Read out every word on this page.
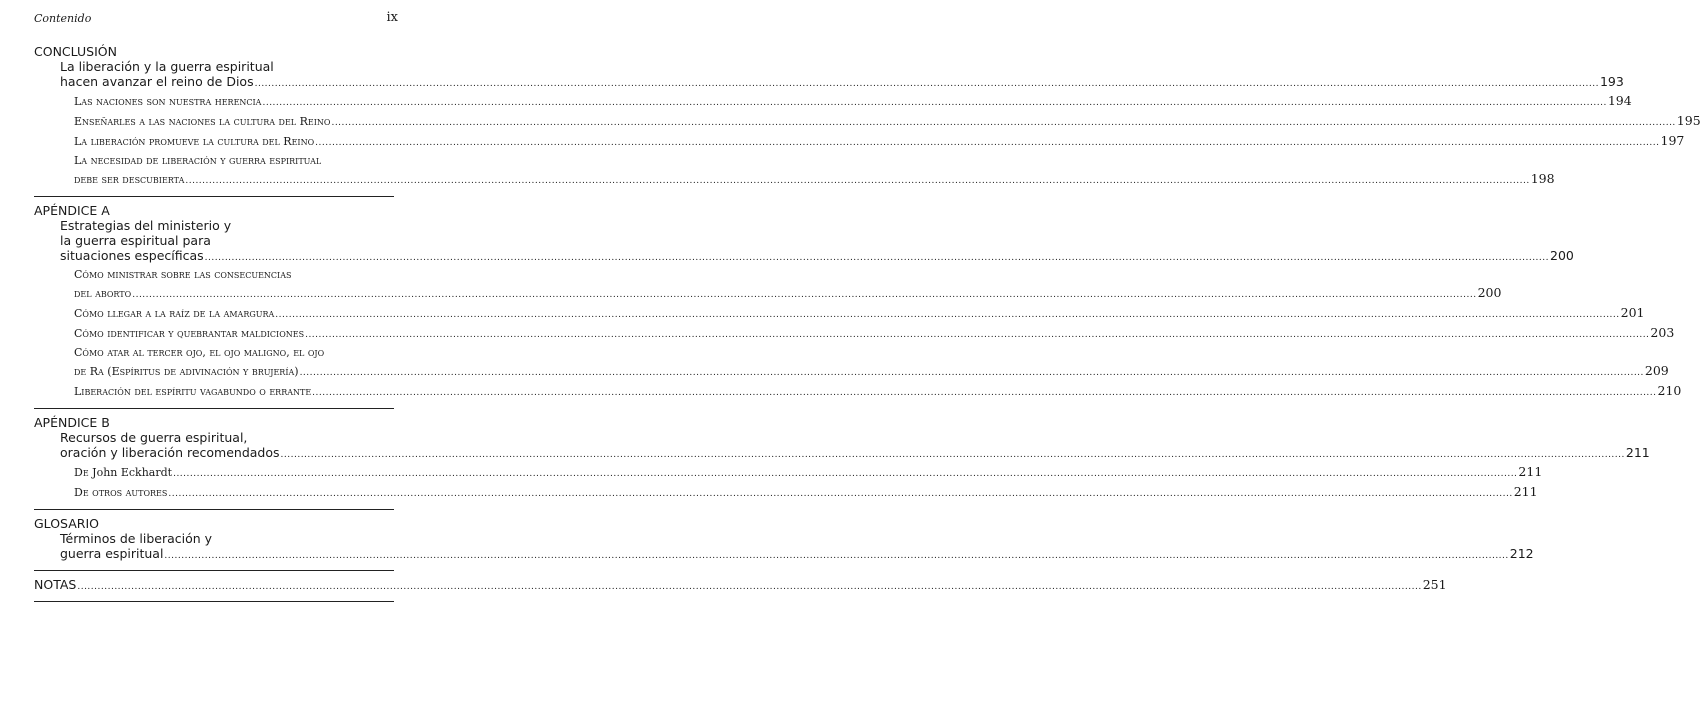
Contenido	ix
CONCLUSIÓN
La liberación y la guerra espiritual
hacen avanzar el reino de Dios ................................................................................................................................................................................................................................................................................................................................................................................................................ 193
Las naciones son nuestra herencia ................................................................................................................................................................................................................................................................................................................................................................................................................ 194
Enseñarles a las naciones la cultura del Reino ................................................................................................................................................................................................................................................................................................................................................................................................................ 195
La liberación promueve la cultura del Reino ................................................................................................................................................................................................................................................................................................................................................................................................................ 197
La necesidad de liberación y guerra espiritual
debe ser descubierta ................................................................................................................................................................................................................................................................................................................................................................................................................ 198
APÉNDICE A
Estrategias del ministerio y
la guerra espiritual para
situaciones específicas ................................................................................................................................................................................................................................................................................................................................................................................................................ 200
Cómo ministrar sobre las consecuencias
del aborto ................................................................................................................................................................................................................................................................................................................................................................................................................ 200
Cómo llegar a la raíz de la amargura ................................................................................................................................................................................................................................................................................................................................................................................................................ 201
Cómo identificar y quebrantar maldiciones ................................................................................................................................................................................................................................................................................................................................................................................................................ 203
Cómo atar al tercer ojo, el ojo maligno, el ojo
de Ra (Espíritus de adivinación y brujería) ................................................................................................................................................................................................................................................................................................................................................................................................................ 209
Liberación del espíritu vagabundo o errante ................................................................................................................................................................................................................................................................................................................................................................................................................ 210
APÉNDICE B
Recursos de guerra espiritual,
oración y liberación recomendados ................................................................................................................................................................................................................................................................................................................................................................................................................ 211
De John Eckhardt ................................................................................................................................................................................................................................................................................................................................................................................................................ 211
De otros autores ................................................................................................................................................................................................................................................................................................................................................................................................................ 211
GLOSARIO
Términos de liberación y
guerra espiritual ................................................................................................................................................................................................................................................................................................................................................................................................................ 212
NOTAS ................................................................................................................................................................................................................................................................................................................................................................................................................ 251
